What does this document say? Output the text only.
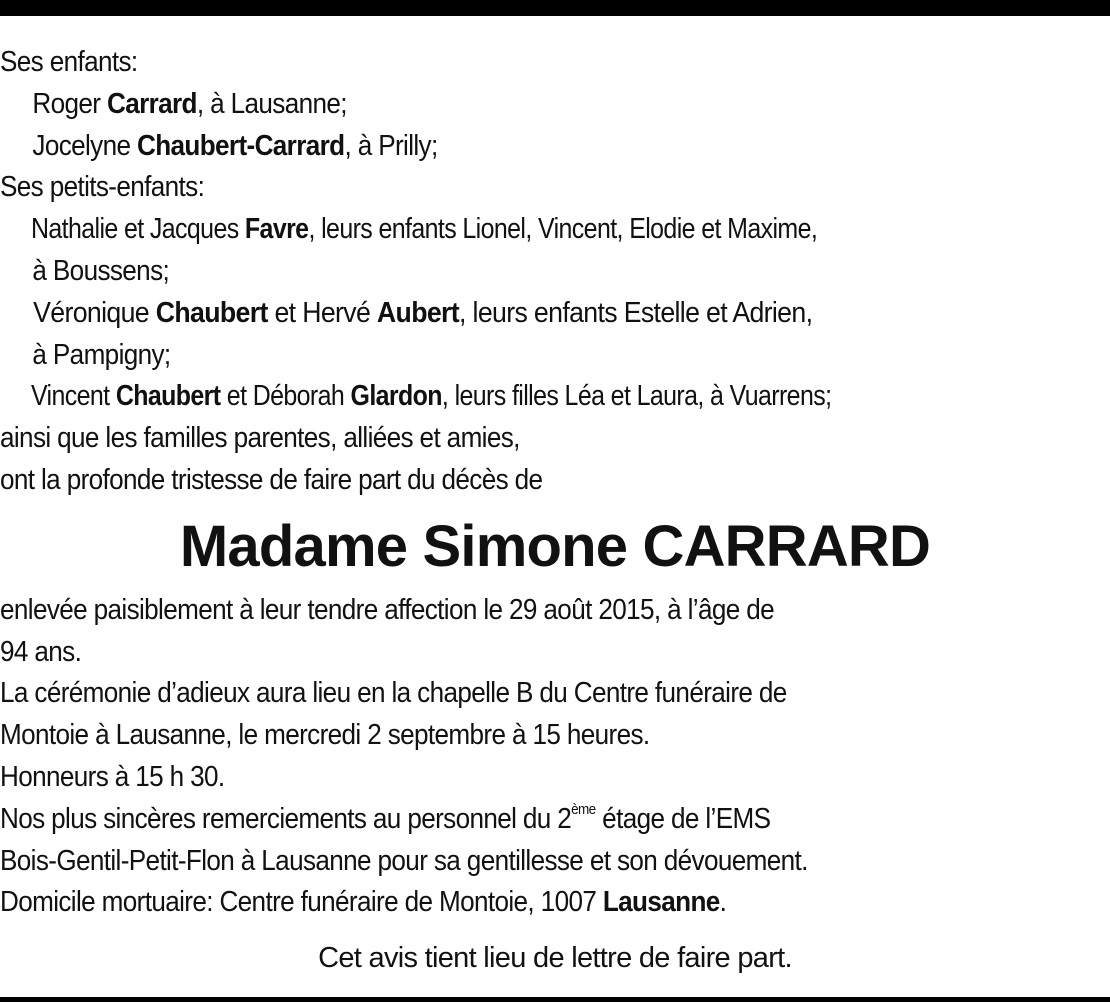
Ses enfants:
Roger Carrard, à Lausanne;
Jocelyne Chaubert-Carrard, à Prilly;
Ses petits-enfants:
Nathalie et Jacques Favre, leurs enfants Lionel, Vincent, Elodie et Maxime,
à Boussens;
Véronique Chaubert et Hervé Aubert, leurs enfants Estelle et Adrien,
à Pampigny;
Vincent Chaubert et Déborah Glardon, leurs filles Léa et Laura, à Vuarrens;
ainsi que les familles parentes, alliées et amies,
ont la profonde tristesse de faire part du décès de
Madame Simone CARRARD
enlevée paisiblement à leur tendre affection le 29 août 2015, à l’âge de
94 ans.
La cérémonie d’adieux aura lieu en la chapelle B du Centre funéraire de
Montoie à Lausanne, le mercredi 2 septembre à 15 heures.
Honneurs à 15 h 30.
Nos plus sincères remerciements au personnel du 2ème étage de l’EMS
Bois-Gentil-Petit-Flon à Lausanne pour sa gentillesse et son dévouement.
Domicile mortuaire: Centre funéraire de Montoie, 1007 Lausanne.
Cet avis tient lieu de lettre de faire part.
